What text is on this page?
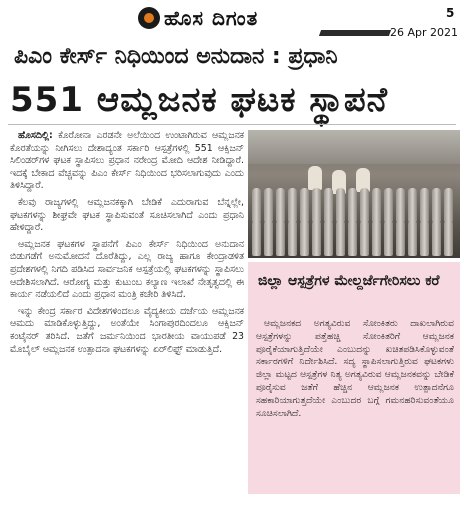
ಹೊಸ ದಿಗಂತ	5
26 Apr 2021
ಪಿಎಂ ಕೇರ್ಸ್ ನಿಧಿಯಿಂದ ಅನುದಾನ : ಪ್ರಧಾನಿ
551 ಆಮ್ಲಜನಕ ಘಟಕ ಸ್ಥಾಪನೆ

ಹೊಸದಿಲ್ಲಿ: ಕೊರೋನಾ ಎರಡನೇ ಅಲೆಯಿಂದ ಉಂಟಾಗಿರುವ ಆಮ್ಲಜನಕ ಕೊರತೆಯನ್ನು ನೀಗಿಸಲು ದೇಶಾದ್ಯಂತ ಸರ್ಕಾರಿ ಆಸ್ಪತ್ರೆಗಳಲ್ಲಿ 551 ಆಕ್ಸಿಜನ್ ಸಿಲಿಂಡರ್‌ಗಳ ಘಟಕ ಸ್ಥಾಪಿಸಲು ಪ್ರಧಾನ ನರೇಂದ್ರ ಮೋದಿ ಆದೇಶ ನೀಡಿದ್ದಾರೆ. ಇದಕ್ಕೆ ಬೇಕಾದ ವೆಚ್ಚವನ್ನು ಪಿಎಂ ಕೇರ್ಸ್ ನಿಧಿಯಿಂದ ಭರಿಸಲಾಗುವುದು ಎಂದು ತಿಳಿಸಿದ್ದಾರೆ.

ಕೆಲವು ರಾಜ್ಯಗಳಲ್ಲಿ ಆಮ್ಲಜನಕಕ್ಕಾಗಿ ಬೇಡಿಕೆ ಎದುರಾಗುವ ಬೆನ್ನಲ್ಲೇ, ಘಟಕಗಳನ್ನು ಶೀಘ್ರವೇ ಘಟಕ ಸ್ಥಾಪಿಸುವಂತೆ ಸೂಚಿಸಲಾಗಿದೆ ಎಂದು ಪ್ರಧಾನಿ ಹೇಳಿದ್ದಾರೆ.

ಆಮ್ಲಜನಕ ಘಟಕಗಳ ಸ್ಥಾಪನೆಗೆ ಪಿಎಂ ಕೇರ್ಸ್ ನಿಧಿಯಿಂದ ಅನುದಾನ ಬಿಡುಗಡೆಗೆ ಅನುಮೋದನೆ ದೊರೆತಿದ್ದು, ಎಲ್ಲ ರಾಜ್ಯ ಹಾಗೂ ಕೇಂದ್ರಾಡಳಿತ ಪ್ರದೇಶಗಳಲ್ಲಿ ನಿಗದಿ ಪಡಿಸಿದ ಸಾರ್ವಜನಿಕ ಆಸ್ಪತ್ರೆಯಲ್ಲಿ ಘಟಕಗಳನ್ನು ಸ್ಥಾಪಿಸಲು ಆದೇಶಿಸಲಾಗಿದೆ. ಆರೋಗ್ಯ ಮತ್ತು ಕುಟುಂಬ ಕಲ್ಯಾಣ ಇಲಾಖೆ ನೇತೃತ್ವದಲ್ಲಿ ಈ ಕಾರ್ಯ ನಡೆಯಲಿದೆ ಎಂದು ಪ್ರಧಾನ ಮಂತ್ರಿ ಕಚೇರಿ ತಿಳಿಸಿದೆ.

ಇನ್ನು ಕೇಂದ್ರ ಸರ್ಕಾರ ವಿದೇಶಗಳಿಂದಲೂ ವೈದ್ಯಕೀಯ ದರ್ಜೆಯ ಆಮ್ಲಜನಕ ಆಮದು ಮಾಡಿಕೊಳ್ಳುತ್ತಿದ್ದು, ಅಂತೆಯೇ ಸಿಂಗಾಪುರದಿಂದಲೂ ಆಕ್ಸಿಜನ್ ಕಂಟೈನರ್ ತರಿಸಿದೆ. ಜತೆಗೆ ಜರ್ಮನಿಯಿಂದ ಭಾರತೀಯ ವಾಯುಪಡೆ 23 ಮೊಬೈಲ್ ಆಮ್ಲಜನಕ ಉತ್ಪಾದನಾ ಘಟಕಗಳನ್ನು ಏರ್‌ಲಿಫ್ಟ್ ಮಾಡುತ್ತಿದೆ.

ಜಿಲ್ಲಾ ಆಸ್ಪತ್ರೆಗಳ ಮೇಲ್ದರ್ಜೆಗೇರಿಸಲು ಕರೆ

ಆಮ್ಲಜನಕದ ಅಗತ್ಯವಿರುವ ಸೋಂಕಿತರು ದಾಖಲಾಗಿರುವ ಆಸ್ಪತ್ರೆಗಳನ್ನು ಪತ್ತೆಹಚ್ಚಿ ಸೋಂಕಿತರಿಗೆ ಆಮ್ಲಜನಕ ಪೂರೈಕೆಯಾಗುತ್ತಿದೆಯೇ ಎಂಬುದನ್ನು ಖಚಿತಪಡಿಸಿಕೊಳ್ಳುವಂತೆ ಸರ್ಕಾರಗಳಿಗೆ ನಿರ್ದೇಶಿಸಿದೆ. ಸದ್ಯ ಸ್ಥಾಪಿಸಲಾಗುತ್ತಿರುವ ಘಟಕಗಳು ಜಿಲ್ಲಾ ಮಟ್ಟದ ಆಸ್ಪತ್ರೆಗಳ ನಿತ್ಯ ಅಗತ್ಯವಿರುವ ಆಮ್ಲಜನಕವನ್ನು ಬೇಡಿಕೆ ಪೂರೈಸುವ ಜತೆಗೆ ಹೆಚ್ಚಿನ ಆಮ್ಲಜನಕ ಉತ್ಪಾದನೆಗೂ ಸಹಕಾರಿಯಾಗುತ್ತದೆಯೇ ಎಂಬುದರ ಬಗ್ಗೆ ಗಮನಹರಿಸುವಂತೆಯೂ ಸೂಚಿಸಲಾಗಿದೆ.
